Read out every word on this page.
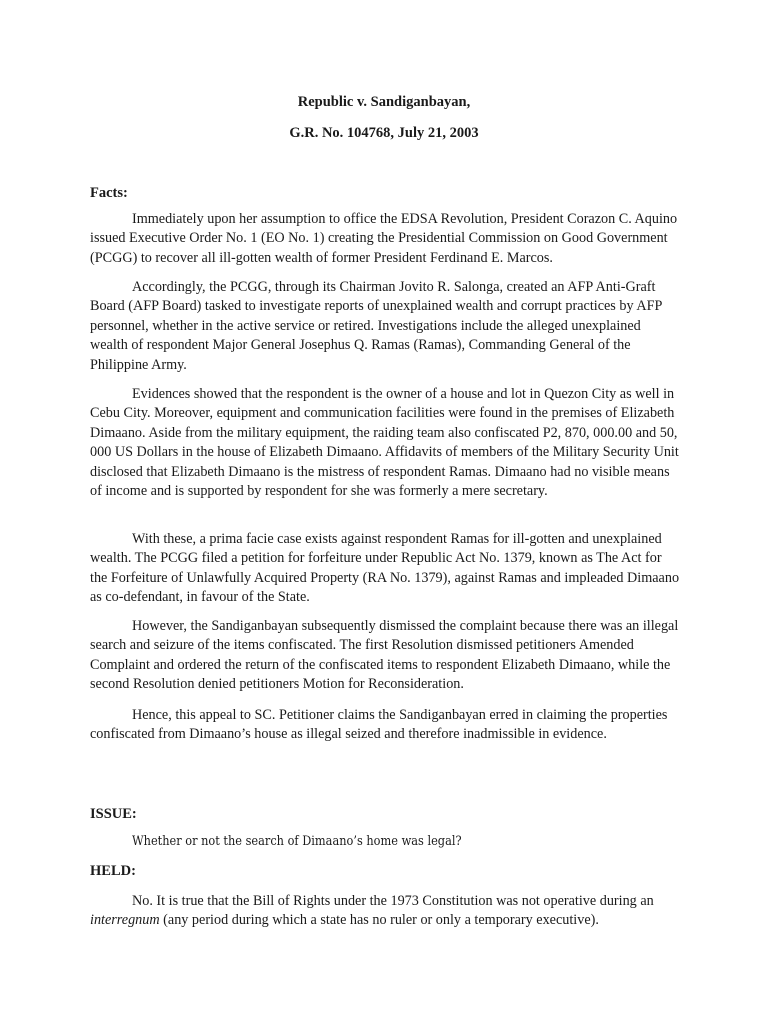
Republic v. Sandiganbayan,
G.R. No. 104768, July 21, 2003
Facts:

Immediately upon her assumption to office the EDSA Revolution, President Corazon C. Aquino issued Executive Order No. 1 (EO No. 1) creating the Presidential Commission on Good Government (PCGG) to recover all ill-gotten wealth of former President Ferdinand E. Marcos.

Accordingly, the PCGG, through its Chairman Jovito R. Salonga, created an AFP Anti-Graft Board (AFP Board) tasked to investigate reports of unexplained wealth and corrupt practices by AFP personnel, whether in the active service or retired. Investigations include the alleged unexplained wealth of respondent Major General Josephus Q. Ramas (Ramas), Commanding General of the Philippine Army.

Evidences showed that the respondent is the owner of a house and lot in Quezon City as well in Cebu City. Moreover, equipment and communication facilities were found in the premises of Elizabeth Dimaano. Aside from the military equipment, the raiding team also confiscated P2, 870, 000.00 and 50, 000 US Dollars in the house of Elizabeth Dimaano. Affidavits of members of the Military Security Unit disclosed that Elizabeth Dimaano is the mistress of respondent Ramas. Dimaano had no visible means of income and is supported by respondent for she was formerly a mere secretary.

With these, a prima facie case exists against respondent Ramas for ill-gotten and unexplained wealth. The PCGG filed a petition for forfeiture under Republic Act No. 1379, known as The Act for the Forfeiture of Unlawfully Acquired Property (RA No. 1379), against Ramas and impleaded Dimaano as co-defendant, in favour of the State.

However, the Sandiganbayan subsequently dismissed the complaint because there was an illegal search and seizure of the items confiscated. The first Resolution dismissed petitioners Amended Complaint and ordered the return of the confiscated items to respondent Elizabeth Dimaano, while the second Resolution denied petitioners Motion for Reconsideration.

Hence, this appeal to SC. Petitioner claims the Sandiganbayan erred in claiming the properties confiscated from Dimaano’s house as illegal seized and therefore inadmissible in evidence.

ISSUE:
Whether or not the search of Dimaano’s home was legal?
HELD:

No. It is true that the Bill of Rights under the 1973 Constitution was not operative during an interregnum (any period during which a state has no ruler or only a temporary executive).
